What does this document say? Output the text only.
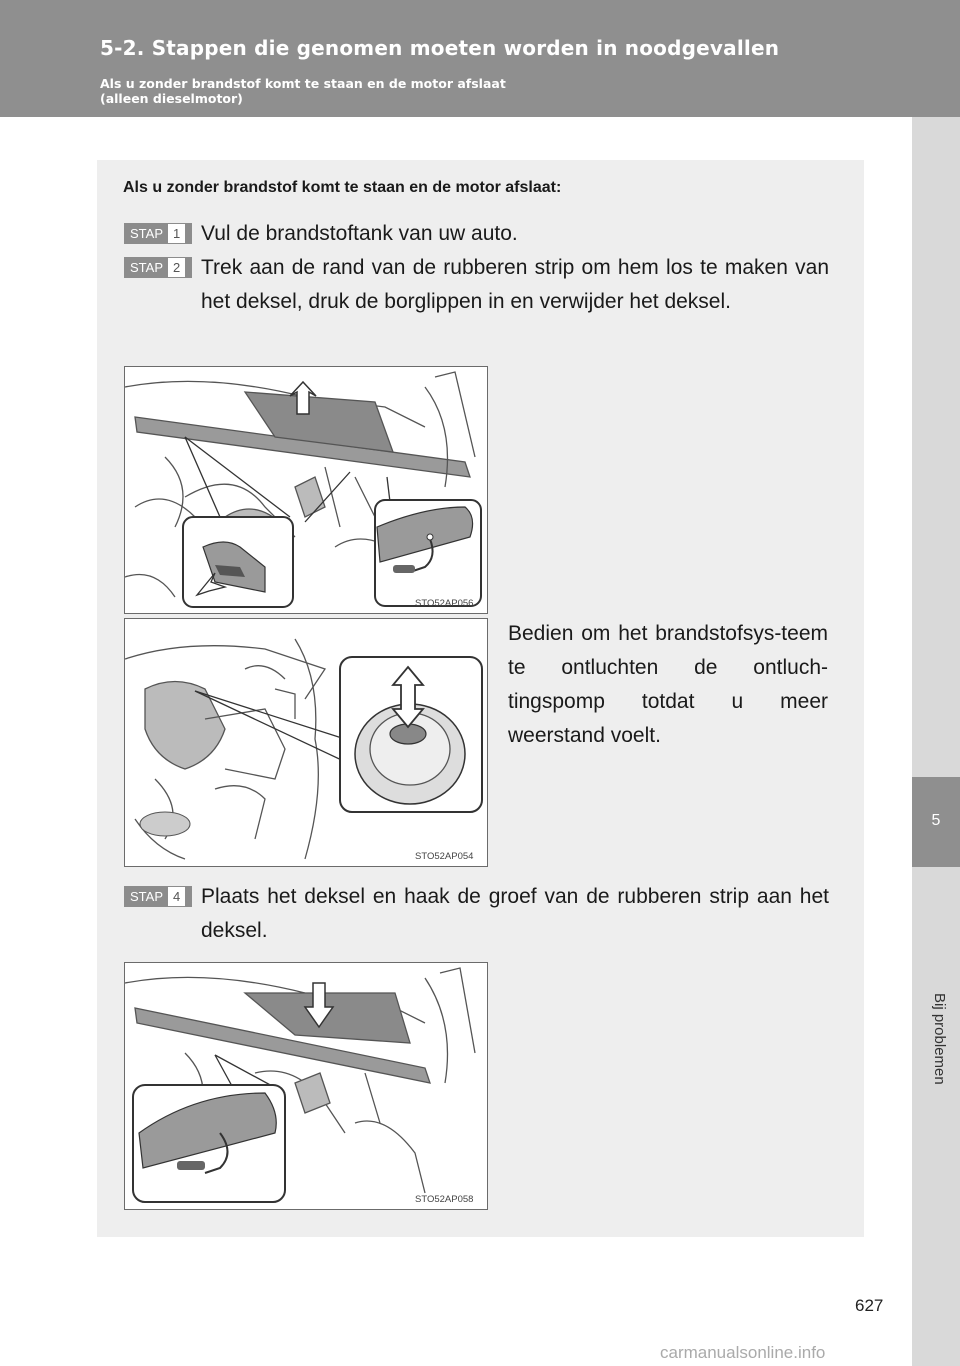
5-2. Stappen die genomen moeten worden in noodgevallen
Als u zonder brandstof komt te staan en de motor afslaat
(alleen dieselmotor)
5
Bij problemen
Als u zonder brandstof komt te staan en de motor afslaat:
STAP 1 Vul de brandstoftank van uw auto.
STAP 2 Trek aan de rand van de rubberen strip om hem los te maken van het deksel, druk de borglippen in en verwijder het deksel.
STO52AP056
STO52AP054
Bedien om het brandstofsys-teem te ontluchten de ontluch-tingspomp totdat u meer weerstand voelt.
STAP 4 Plaats het deksel en haak de groef van de rubberen strip aan het deksel.
STO52AP058
627
carmanualsonline.info
